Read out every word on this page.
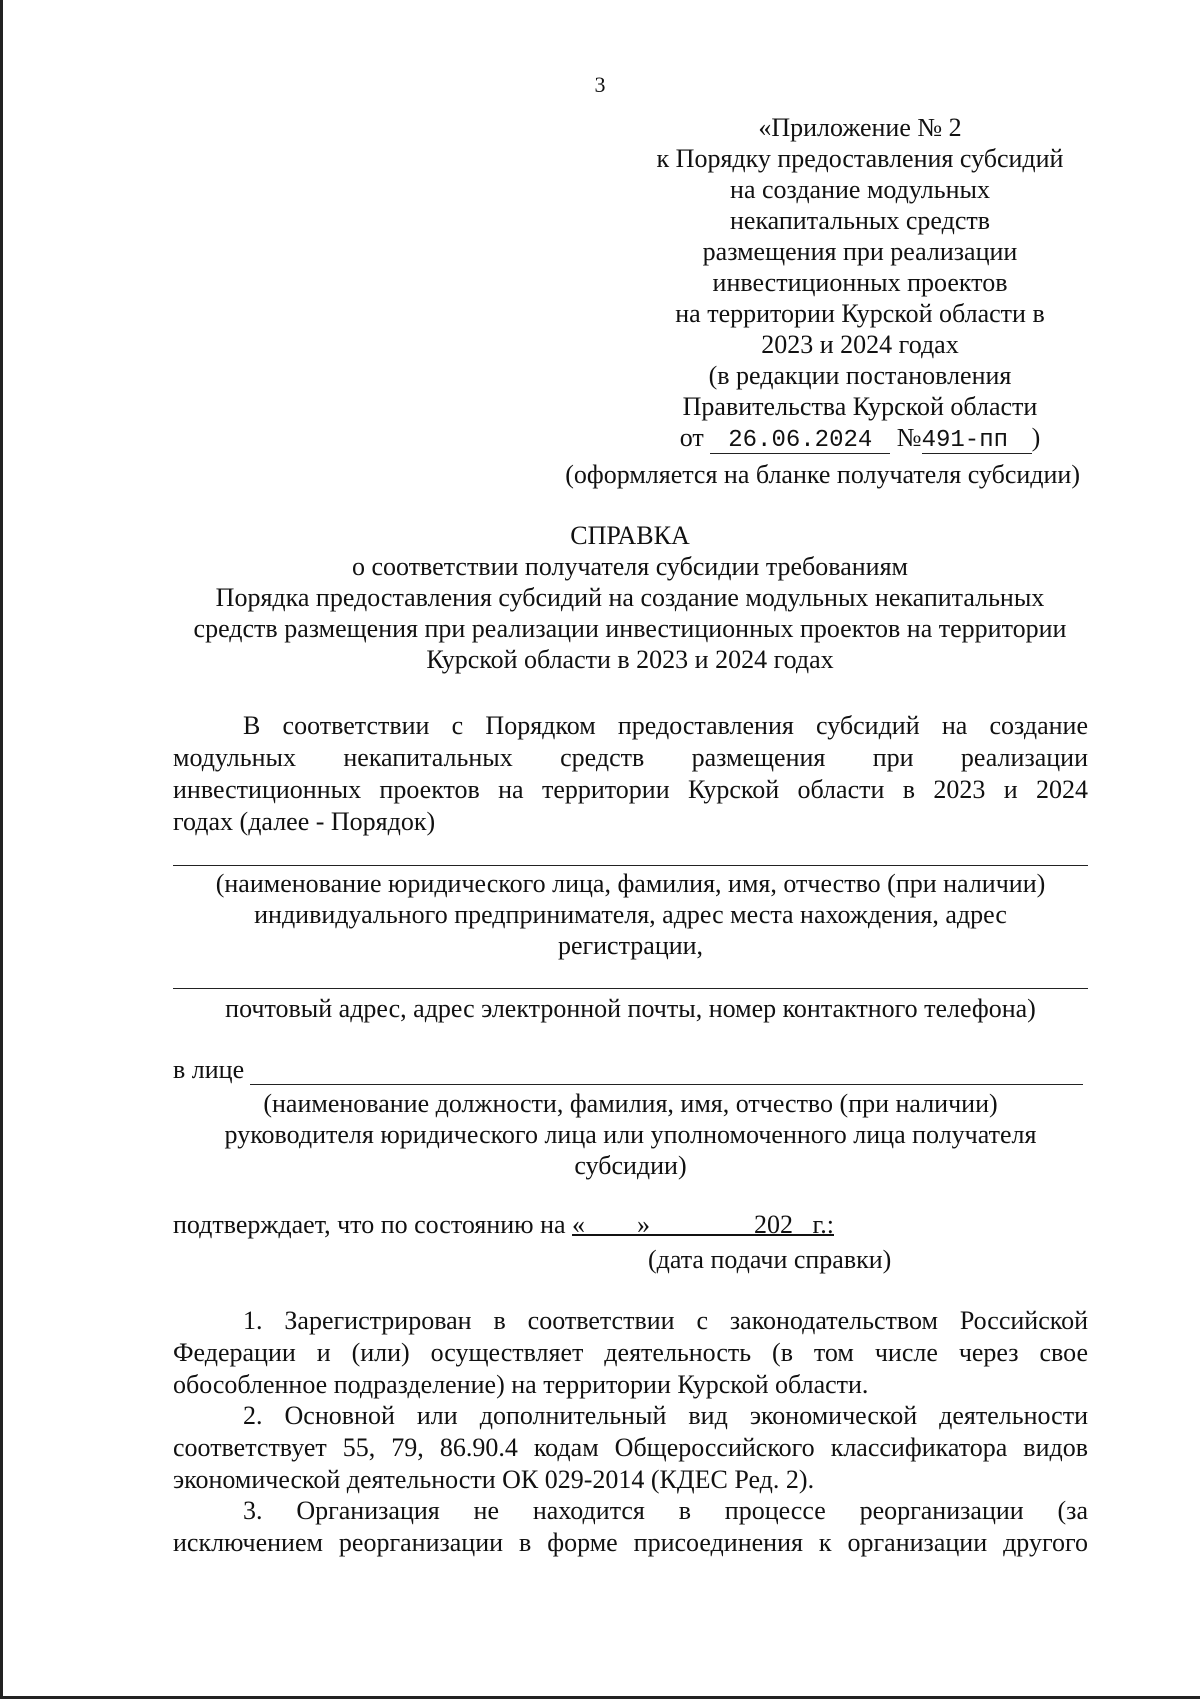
3
«Приложение № 2
к Порядку предоставления субсидий
на создание модульных
некапитальных средств
размещения при реализации
инвестиционных проектов
на территории Курской области в
2023 и 2024 годах
(в редакции постановления
Правительства Курской области
от 26.06.2024 №491-пп )
(оформляется на бланке получателя субсидии)
СПРАВКА
о соответствии получателя субсидии требованиям
Порядка предоставления субсидий на создание модульных некапитальных
средств размещения при реализации инвестиционных проектов на территории
Курской области в 2023 и 2024 годах
В соответствии с Порядком предоставления субсидий на создание
модульных некапитальных средств размещения при реализации
инвестиционных проектов на территории Курской области в 2023 и 2024
годах (далее - Порядок)
(наименование юридического лица, фамилия, имя, отчество (при наличии)
индивидуального предпринимателя, адрес места нахождения, адрес
регистрации,
почтовый адрес, адрес электронной почты, номер контактного телефона)
в лице
(наименование должности, фамилия, имя, отчество (при наличии)
руководителя юридического лица или уполномоченного лица получателя
субсидии)
подтверждает, что по состоянию на «        »                202   г.:
(дата подачи справки)
1. Зарегистрирован в соответствии с законодательством Российской
Федерации и (или) осуществляет деятельность (в том числе через свое
обособленное подразделение) на территории Курской области.
2. Основной или дополнительный вид экономической деятельности
соответствует 55, 79, 86.90.4 кодам Общероссийского классификатора видов
экономической деятельности ОК 029-2014 (КДЕС Ред. 2).
3. Организация не находится в процессе реорганизации (за
исключением реорганизации в форме присоединения к организации другого
